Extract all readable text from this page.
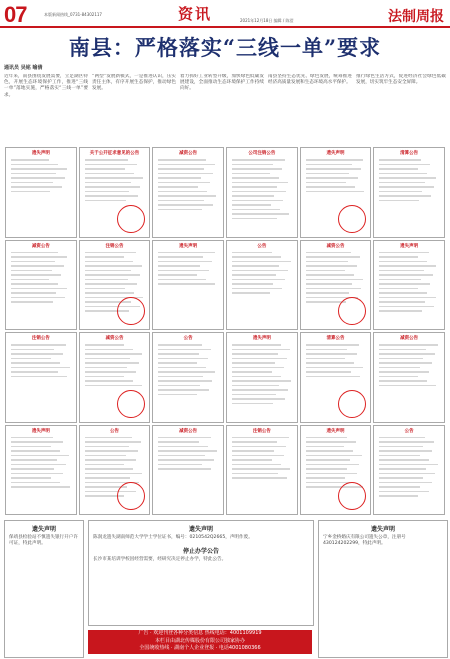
07	本版新闻热线_0731-84302117
2021年12月18日 编辑 / 陈滢
资讯	法制周报
南县：严格落实“三线一单”要求
通讯员 吴铭 喻倩
近年来，南县围绕发展需要，立足湖区特色，开展生态环境保护工作，推进“三线一单”落地实施，严格落实“三线一单”要求。
“两型”发展新模式，一是推进认识，压实责任主体，有序开展生态保护，推动绿色发展。
着力抓好工业转型升级，加快绿色低碳发展建设，全面推动生态环境保护工作持续向好。
南县坚持生态优先、绿色发展，统筹推进经济高质量发展和生态环境高水平保护。
推行绿色生活方式，促进经济社会绿色低碳发展，切实筑牢生态安全屏障。
遗失声明	关于公开征求意见的公告	减资公告	公司注销公告	遗失声明	清算公告
减资公告	注销公告	遗失声明	公告	减资公告	遗失声明
注销公告	减资公告	公告	遗失声明	清算公告	减资公告
遗失声明	公告	减资公告	注销公告	遗失声明	公告
遗失声明
保靖县检验站不慎遗失银行开户许可证，特此声明。
遗失声明
陈润龙遗失湖南师范大学学士学位证书，编号：0210542Q2665，声明作废。
停止办学公告
长沙市某培训学校因经营需要，经研究决定停止办学，特此公告。
广告 · 欢迎刊登各种分类信息 热线电话：4001109919
本栏目由湖北传媒股份有限公司独家协办
全国统收热线 · 湖南个人企业登报 · 电话4001080366
遗失声明
宁乡金桥婚庆有限公司遗失公章，注册号 430124202299，特此声明。
